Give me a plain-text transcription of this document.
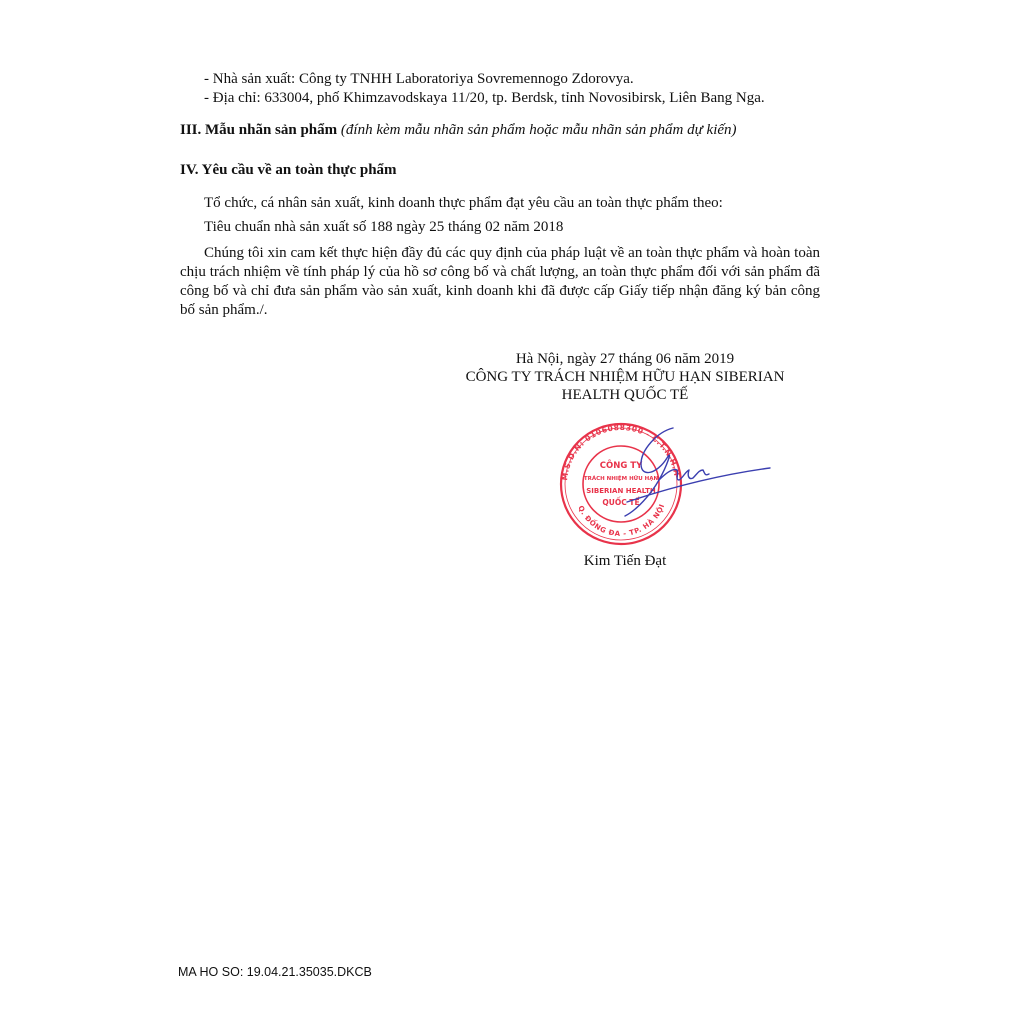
- Nhà sản xuất: Công ty TNHH Laboratoriya Sovremennogo Zdorovya.
- Địa chỉ: 633004, phố Khimzavodskaya 11/20, tp. Berdsk, tỉnh Novosibirsk, Liên Bang Nga.
III. Mẫu nhãn sản phẩm (đính kèm mẫu nhãn sản phẩm hoặc mẫu nhãn sản phẩm dự kiến)
IV. Yêu cầu về an toàn thực phẩm
Tổ chức, cá nhân sản xuất, kinh doanh thực phẩm đạt yêu cầu an toàn thực phẩm theo:
Tiêu chuẩn nhà sản xuất số 188 ngày 25 tháng 02 năm 2018
Chúng tôi xin cam kết thực hiện đầy đủ các quy định của pháp luật về an toàn thực phẩm và hoàn toàn chịu trách nhiệm về tính pháp lý của hồ sơ công bố và chất lượng, an toàn thực phẩm đối với sản phẩm đã công bố và chỉ đưa sản phẩm vào sản xuất, kinh doanh khi đã được cấp Giấy tiếp nhận đăng ký bản công bố sản phẩm./.
Hà Nội, ngày 27 tháng 06 năm 2019
CÔNG TY TRÁCH NHIỆM HỮU HẠN SIBERIAN
HEALTH QUỐC TẾ
M.S.D.N: 0106088300 - C.T.N.H.H
Q. ĐỐNG ĐA - TP. HÀ NỘI
CÔNG TY
TRÁCH NHIỆM HỮU HẠN
SIBERIAN HEALTH
QUỐC TẾ
Kim Tiến Đạt
MA HO SO: 19.04.21.35035.DKCB
